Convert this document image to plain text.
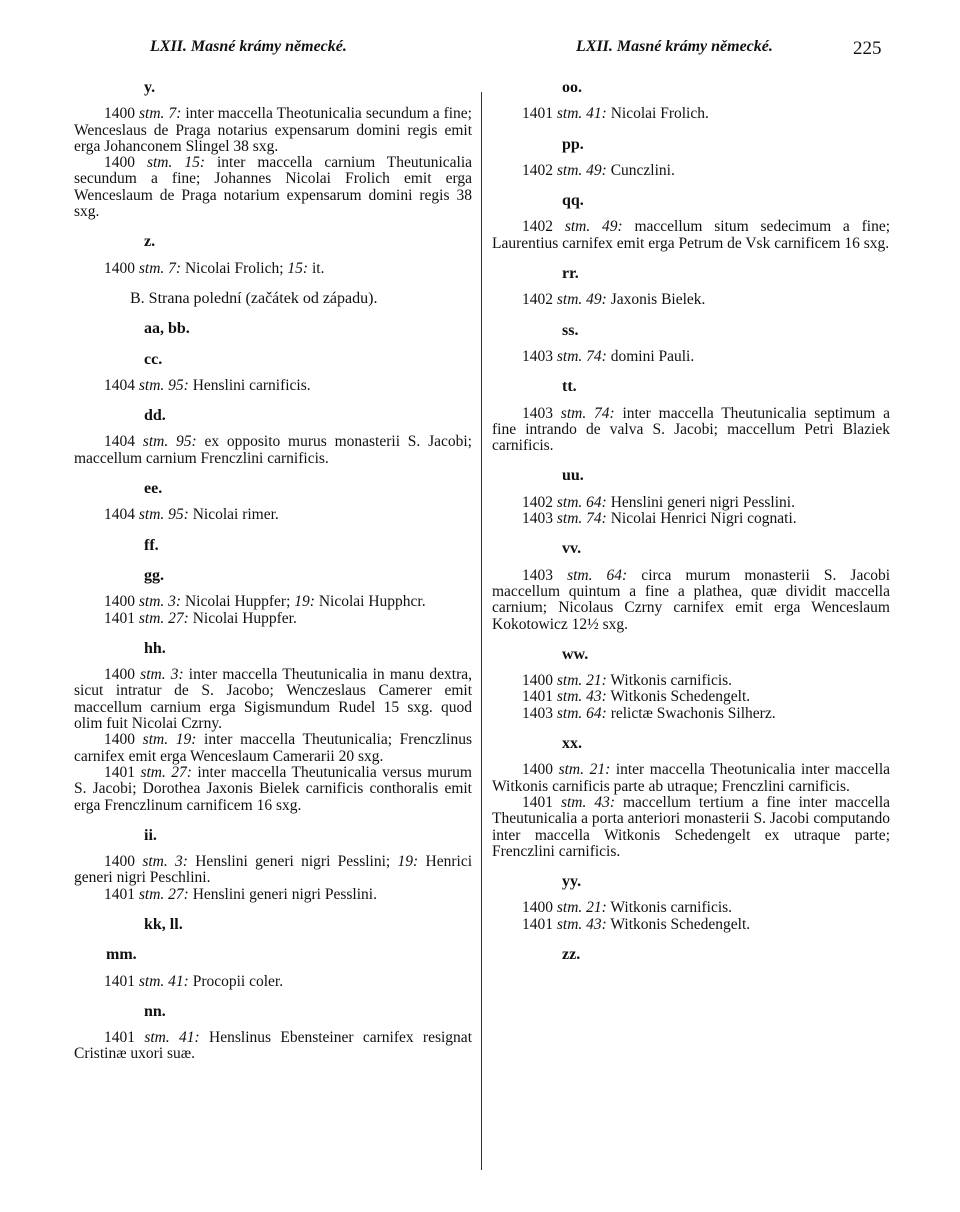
LXII. Masné krámy německé.	LXII. Masné krámy německé.	225
y.
1400 stm. 7: inter maccella Theotunicalia secundum a fine; Wenceslaus de Praga notarius expensarum domini regis emit erga Johanconem Slingel 38 sxg.
1400 stm. 15: inter maccella carnium Theutunicalia secundum a fine; Johannes Nicolai Frolich emit erga Wenceslaum de Praga notarium expensarum domini regis 38 sxg.
z.
1400 stm. 7: Nicolai Frolich; 15: it.
B. Strana polední (začátek od západu).
aa, bb.
cc.
1404 stm. 95: Henslini carnificis.
dd.
1404 stm. 95: ex opposito murus monasterii S. Jacobi; maccellum carnium Frenczlini carnificis.
ee.
1404 stm. 95: Nicolai rimer.
ff.
gg.
1400 stm. 3: Nicolai Huppfer; 19: Nicolai Hupphcr.
1401 stm. 27: Nicolai Huppfer.
hh.
1400 stm. 3: inter maccella Theutunicalia in manu dextra, sicut intratur de S. Jacobo; Wenczeslaus Camerer emit maccellum carnium erga Sigismundum Rudel 15 sxg. quod olim fuit Nicolai Czrny.
1400 stm. 19: inter maccella Theutunicalia; Frenczlinus carnifex emit erga Wenceslaum Camerarii 20 sxg.
1401 stm. 27: inter maccella Theutunicalia versus murum S. Jacobi; Dorothea Jaxonis Bielek carnificis conthoralis emit erga Frenczlinum carnificem 16 sxg.
ii.
1400 stm. 3: Henslini generi nigri Pesslini; 19: Henrici generi nigri Peschlini.
1401 stm. 27: Henslini generi nigri Pesslini.
kk, ll.
mm.
1401 stm. 41: Procopii coler.
nn.
1401 stm. 41: Henslinus Ebensteiner carnifex resignat Cristinæ uxori suæ.
oo.
1401 stm. 41: Nicolai Frolich.
pp.
1402 stm. 49: Cunczlini.
qq.
1402 stm. 49: maccellum situm sedecimum a fine; Laurentius carnifex emit erga Petrum de Vsk carnificem 16 sxg.
rr.
1402 stm. 49: Jaxonis Bielek.
ss.
1403 stm. 74: domini Pauli.
tt.
1403 stm. 74: inter maccella Theutunicalia septimum a fine intrando de valva S. Jacobi; maccellum Petri Blaziek carnificis.
uu.
1402 stm. 64: Henslini generi nigri Pesslini.
1403 stm. 74: Nicolai Henrici Nigri cognati.
vv.
1403 stm. 64: circa murum monasterii S. Jacobi maccellum quintum a fine a plathea, quæ dividit maccella carnium; Nicolaus Czrny carnifex emit erga Wenceslaum Kokotowicz 12½ sxg.
ww.
1400 stm. 21: Witkonis carnificis.
1401 stm. 43: Witkonis Schedengelt.
1403 stm. 64: relictæ Swachonis Silherz.
xx.
1400 stm. 21: inter maccella Theotunicalia inter maccella Witkonis carnificis parte ab utraque; Frenczlini carnificis.
1401 stm. 43: maccellum tertium a fine inter maccella Theutunicalia a porta anteriori monasterii S. Jacobi computando inter maccella Witkonis Schedengelt ex utraque parte; Frenczlini carnificis.
yy.
1400 stm. 21: Witkonis carnificis.
1401 stm. 43: Witkonis Schedengelt.
zz.
